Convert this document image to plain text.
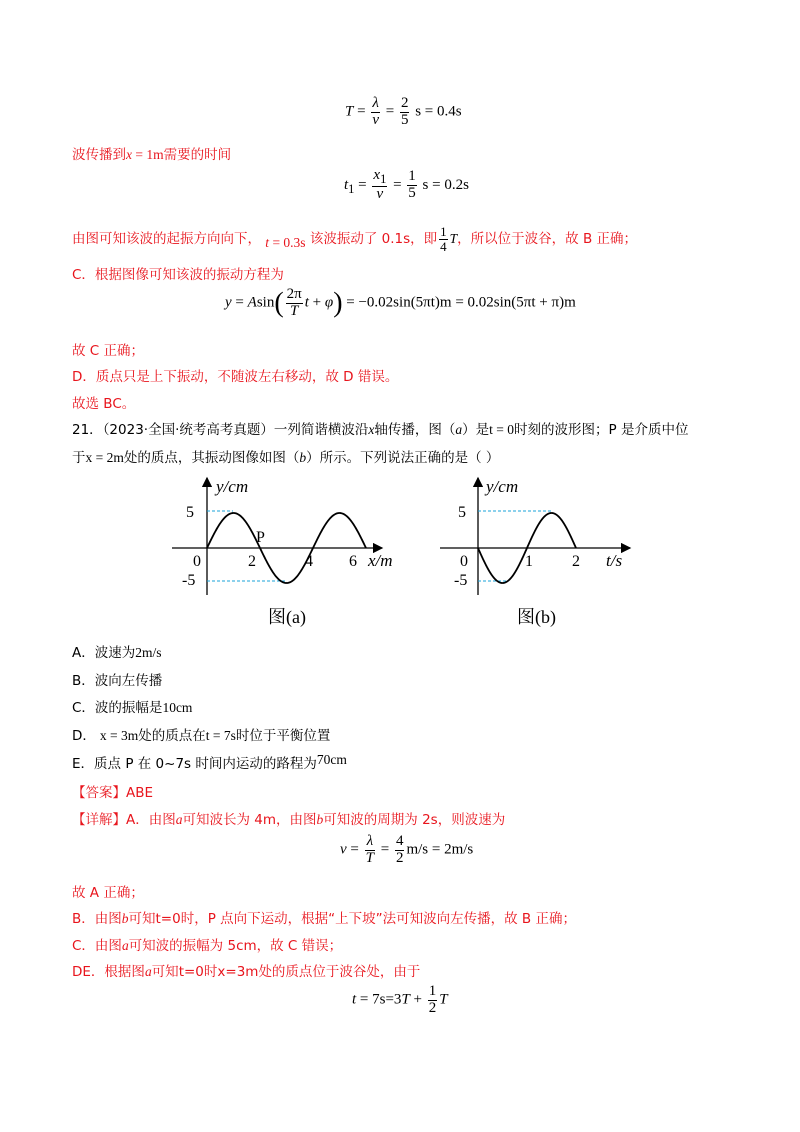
$T = \frac{\lambda}{v} = \frac{2}{5}$ s = 0.4s
波传播到x = 1m需要的时间
$t_1 = \frac{x_1}{v} = \frac{1}{5}$ s = 0.2s
由图可知该波的起振方向向下， t = 0.3s 该波振动了 0.1s，即 $\frac{1}{4}$ T，所以位于波谷，故 B 正确；
C．根据图像可知该波的振动方程为
$y = Asin( \frac{2\pi}{T}$ t + φ) = −0.02sin(5πt)m = 0.02sin(5πt + π)m
故 C 正确；
D．质点只是上下振动，不随波左右移动，故 D 错误。
故选 BC。
21．（2023·全国·统考高考真题）一列简谐横波沿x轴传播，图（a）是t = 0时刻的波形图；P 是介质中位
于x = 2m处的质点，其振动图像如图（b）所示。下列说法正确的是（ ）
y/cm
x/m
5
-5
0	2	4 6
P
图(a)
y/cm
t/s
5
-5
0	1 2
图(b)
A．波速为2m/s
B．波向左传播
C．波的振幅是10cm
D． x = 3m处的质点在t = 7s时位于平衡位置
E．质点 P 在 0~7s 时间内运动的路程为70cm
【答案】ABE
【详解】A．由图a可知波长为 4m，由图b可知波的周期为 2s，则波速为
$v = \frac{\lambda}{T} = \frac{4}{2} m/s = 2m/s$
故 A 正确；
B．由图b可知t=0时，P 点向下运动，根据“上下坡”法可知波向左传播，故 B 正确；
C．由图a可知波的振幅为 5cm，故 C 错误；
DE．根据图a可知t=0时x=3m处的质点位于波谷处，由于
$t = 7s=3T + \frac{1}{2}$ T
